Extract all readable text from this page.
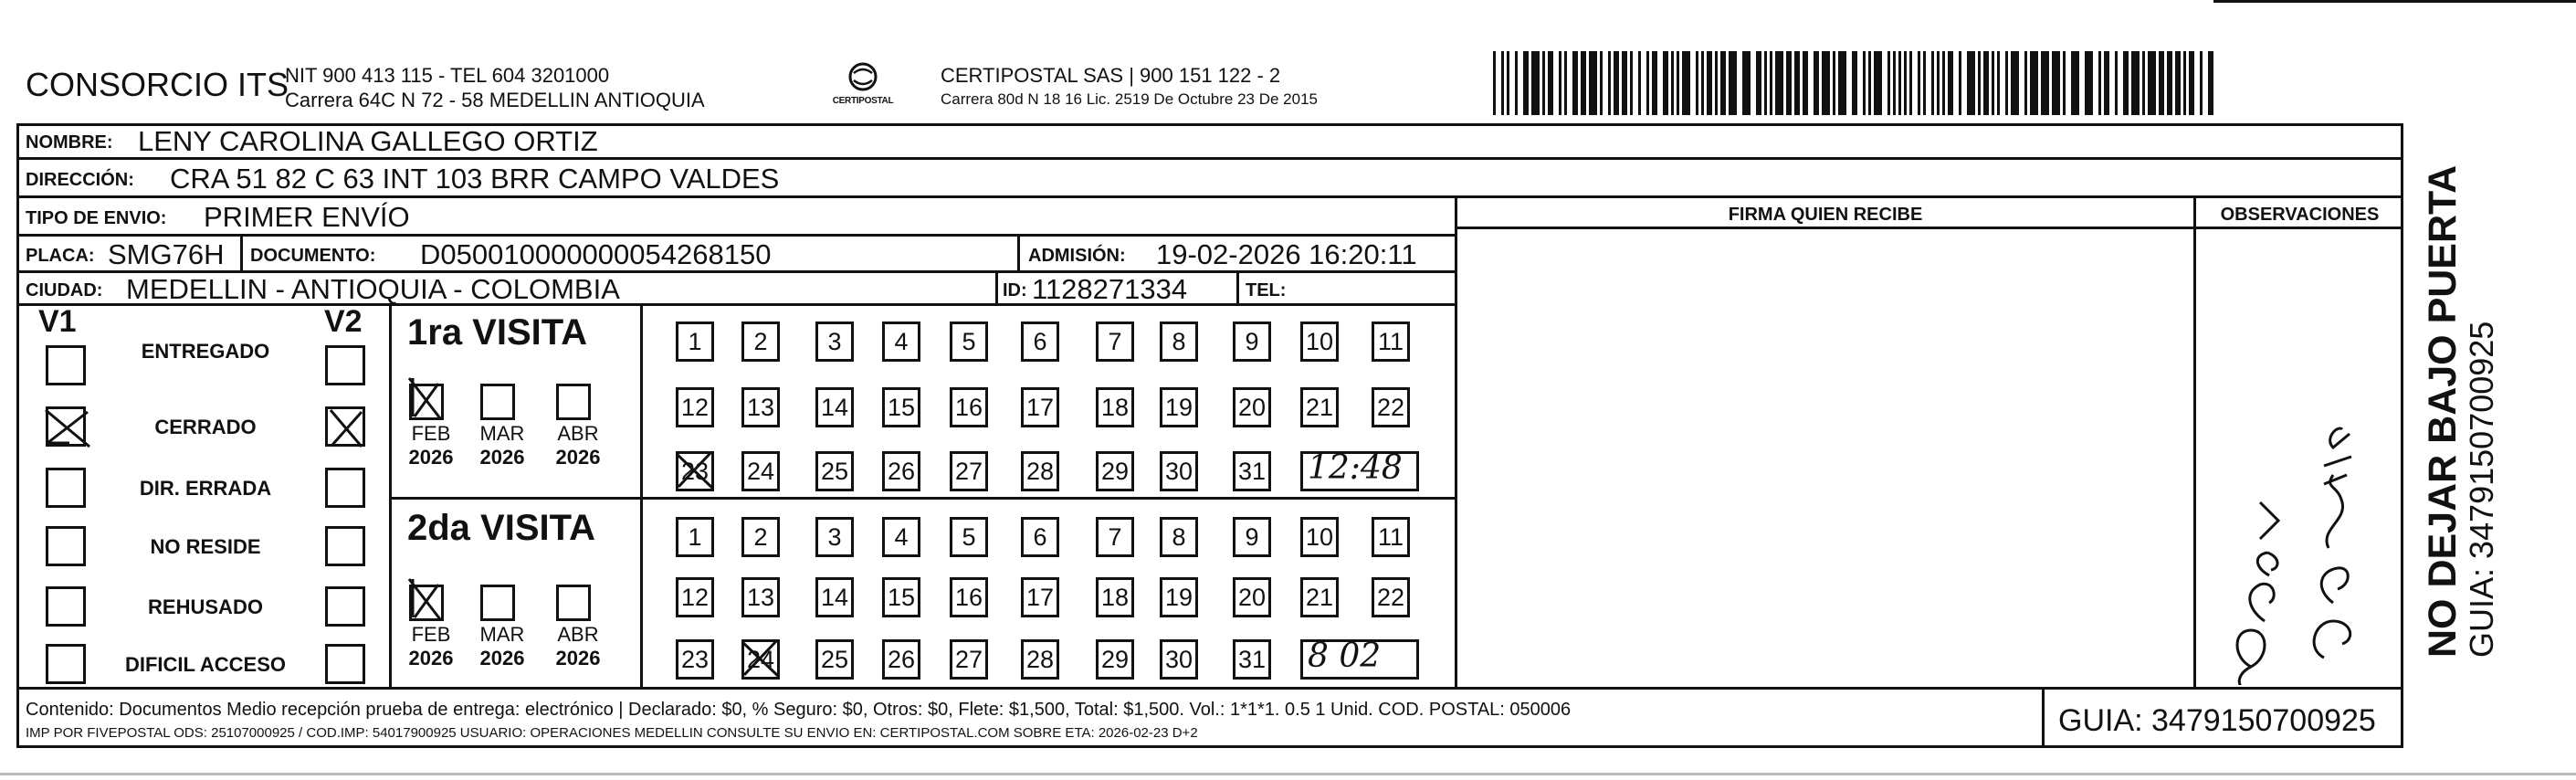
CONSORCIO ITS
NIT 900 413 115 - TEL 604 3201000
Carrera 64C N 72 - 58 MEDELLIN ANTIOQUIA	CERTIPOSTAL
CERTIPOSTAL SAS | 900 151 122 - 2
Carrera 80d N 18 16 Lic. 2519 De Octubre 23 De 2015
NOMBRE: LENY CAROLINA GALLEGO ORTIZ
DIRECCIÓN: CRA 51 82 C 63 INT 103 BRR CAMPO VALDES
TIPO DE ENVIO: PRIMER ENVÍO	FIRMA QUIEN RECIBE	OBSERVACIONES
PLACA: SMG76H DOCUMENTO: D050010000000054268150	ADMISIÓN: 19-02-2026 16:20:11
CIUDAD: MEDELLIN - ANTIOQUIA - COLOMBIA	ID: 1128271334	TEL:
V1	V2
ENTREGADO
CERRADO
DIR. ERRADA
NO RESIDE
REHUSADO
DIFICIL ACCESO
1ra VISITA
2da VISITA
FEB
2026
MAR
2026
ABR
2026
1	2	3	4	5	6	7	8	9	10 11
12 13 14 15 16 17 18 19 20 21 22
23 24 25 26 27 28 29 30 31 12:48
FEB
2026
MAR
2026
ABR
2026
1	2	3	4	5	6	7	8	9	10 11
12 13 14 15 16 17 18 19 20 21 22
23 24 25 26 27 28 29 30 31 8 02
Contenido: Documentos Medio recepción prueba de entrega: electrónico | Declarado: $0, % Seguro: $0, Otros: $0, Flete: $1,500, Total: $1,500. Vol.: 1*1*1. 0.5 1 Unid. COD. POSTAL: 050006
IMP POR FIVEPOSTAL ODS: 25107000925 / COD.IMP: 54017900925 USUARIO: OPERACIONES MEDELLIN CONSULTE SU ENVIO EN: CERTIPOSTAL.COM SOBRE ETA: 2026-02-23 D+2	GUIA: 3479150700925
NO DEJAR BAJO PUERTA
GUIA: 3479150700925
